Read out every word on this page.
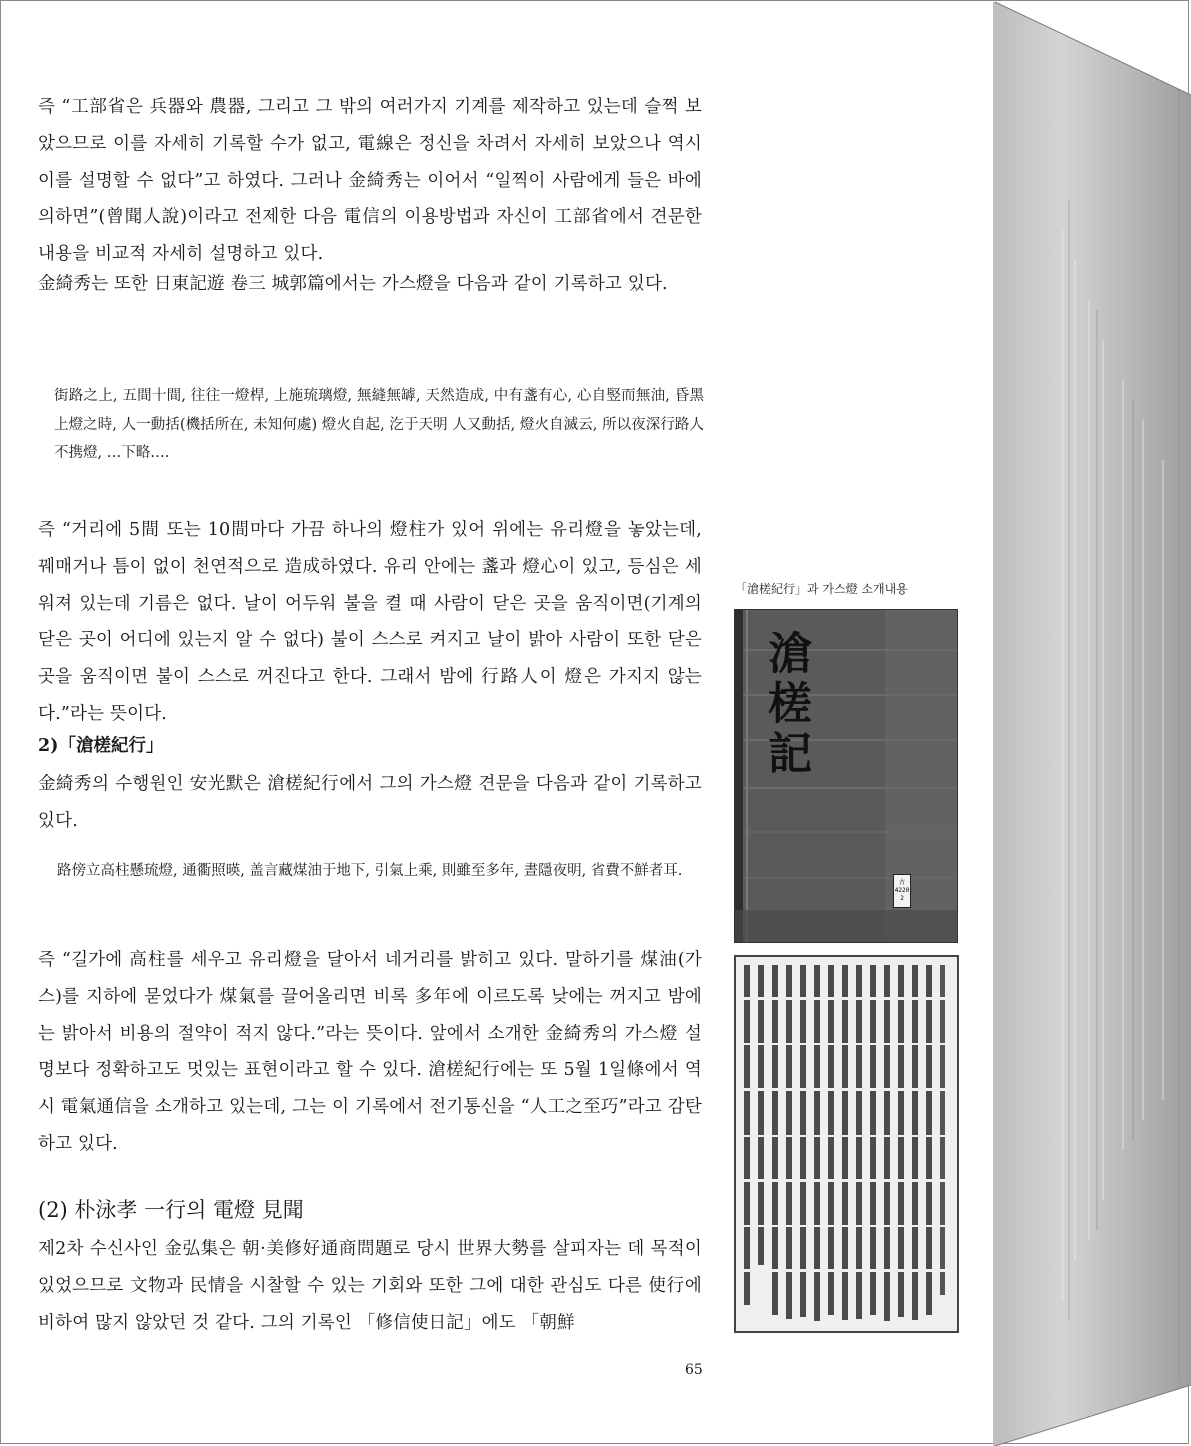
즉 “工部省은 兵器와 農器, 그리고 그 밖의 여러가지 기계를 제작하고 있는데 슬쩍 보았으므로 이를 자세히 기록할 수가 없고, 電線은 정신을 차려서 자세히 보았으나 역시 이를 설명할 수 없다”고 하였다. 그러나 金綺秀는 이어서 “일찍이 사람에게 들은 바에 의하면”(曾聞人說)이라고 전제한 다음 電信의 이용방법과 자신이 工部省에서 견문한 내용을 비교적 자세히 설명하고 있다.
金綺秀는 또한 日東記遊 卷三 城郭篇에서는 가스燈을 다음과 같이 기록하고 있다.
街路之上, 五間十間, 往往一燈桿, 上施琉璃燈, 無縫無罅, 天然造成, 中有盞有心, 心自竪而無油, 昏黑上燈之時, 人一動括(機括所在, 未知何處) 燈火自起, 汔于天明 人又動括, 燈火自滅云, 所以夜深行路人不携燈, …下略….
즉 “거리에 5間 또는 10間마다 가끔 하나의 燈柱가 있어 위에는 유리燈을 놓았는데, 꿰매거나 틈이 없이 천연적으로 造成하였다. 유리 안에는 盞과 燈心이 있고, 등심은 세워져 있는데 기름은 없다. 날이 어두워 불을 켤 때 사람이 닫은 곳을 움직이면(기계의 닫은 곳이 어디에 있는지 알 수 없다) 불이 스스로 켜지고 날이 밝아 사람이 또한 닫은 곳을 움직이면 불이 스스로 꺼진다고 한다. 그래서 밤에 行路人이 燈은 가지지 않는다.”라는 뜻이다.
2)「滄槎紀行」
金綺秀의 수행원인 安光默은 滄槎紀行에서 그의 가스燈 견문을 다음과 같이 기록하고 있다.
路傍立高柱懸琉燈, 通衢照暎, 盖言藏煤油于地下, 引氣上乘, 則雖至多年, 晝隱夜明, 省費不鮮者耳.
즉 “길가에 高柱를 세우고 유리燈을 달아서 네거리를 밝히고 있다. 말하기를 煤油(가스)를 지하에 묻었다가 煤氣를 끌어올리면 비록 多年에 이르도록 낮에는 꺼지고 밤에는 밝아서 비용의 절약이 적지 않다.”라는 뜻이다. 앞에서 소개한 金綺秀의 가스燈 설명보다 정확하고도 멋있는 표현이라고 할 수 있다. 滄槎紀行에는 또 5월 1일條에서 역시 電氣通信을 소개하고 있는데, 그는 이 기록에서 전기통신을 “人工之至巧”라고 감탄하고 있다.
(2) 朴泳孝 一行의 電燈 見聞
제2차 수신사인 金弘集은 朝·美修好通商問題로 당시 世界大勢를 살피자는 데 목적이 있었으므로 文物과 民情을 시찰할 수 있는 기회와 또한 그에 대한 관심도 다른 使行에 비하여 많지 않았던 것 같다. 그의 기록인 「修信使日記」에도 「朝鮮
「滄槎紀行」과 가스燈 소개내용
滄槎記
古 4220 2
65
